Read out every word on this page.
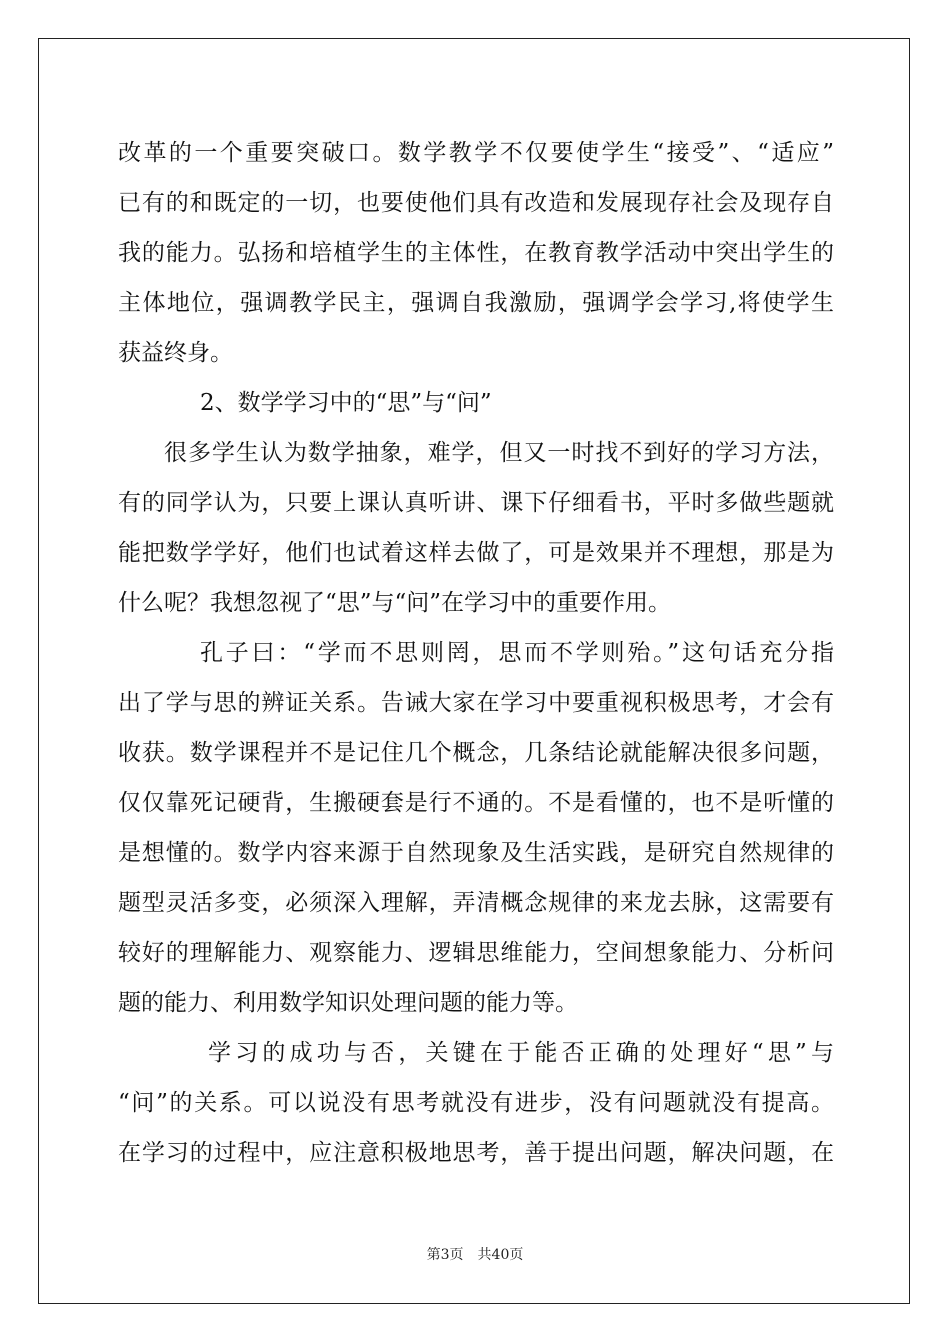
改革的一个重要突破口。数学教学不仅要使学生“接受”、“适应”
已有的和既定的一切，也要使他们具有改造和发展现存社会及现存自
我的能力。弘扬和培植学生的主体性，在教育教学活动中突出学生的
主体地位，强调教学民主，强调自我激励，强调学会学习,将使学生
获益终身。
2、数学学习中的“思”与“问”
很多学生认为数学抽象，难学，但又一时找不到好的学习方法，
有的同学认为，只要上课认真听讲、课下仔细看书，平时多做些题就
能把数学学好，他们也试着这样去做了，可是效果并不理想，那是为
什么呢？我想忽视了“思”与“问”在学习中的重要作用。
孔子曰：“学而不思则罔，思而不学则殆。”这句话充分指
出了学与思的辨证关系。告诫大家在学习中要重视积极思考，才会有
收获。数学课程并不是记住几个概念，几条结论就能解决很多问题，
仅仅靠死记硬背，生搬硬套是行不通的。不是看懂的，也不是听懂的
是想懂的。数学内容来源于自然现象及生活实践，是研究自然规律的
题型灵活多变，必须深入理解，弄清概念规律的来龙去脉，这需要有
较好的理解能力、观察能力、逻辑思维能力，空间想象能力、分析问
题的能力、利用数学知识处理问题的能力等。
学习的成功与否，关键在于能否正确的处理好“思”与
“问”的关系。可以说没有思考就没有进步，没有问题就没有提高。
在学习的过程中，应注意积极地思考，善于提出问题，解决问题，在
第3页 共40页
